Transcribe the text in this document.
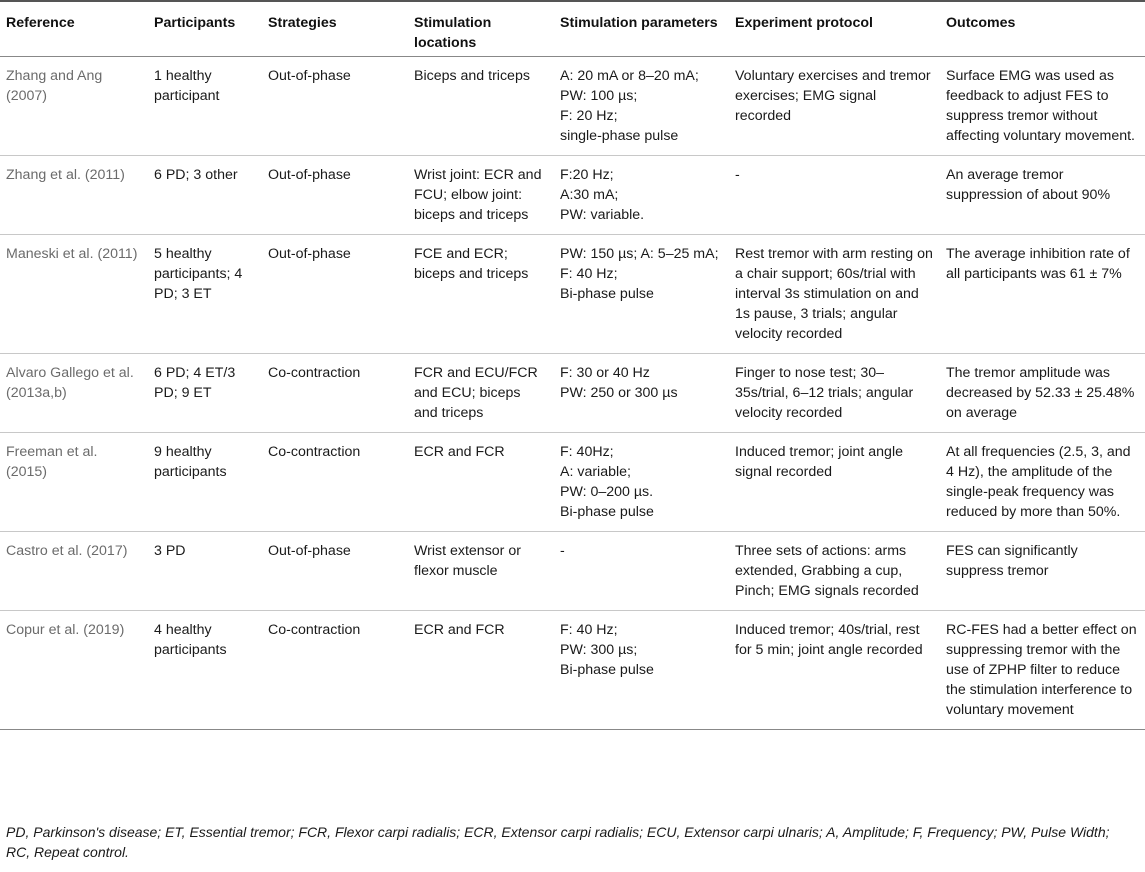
Reference	Participants	Strategies	Stimulation locations	Stimulation parameters	Experiment protocol	Outcomes
Zhang and Ang (2007)	1 healthy participant	Out-of-phase	Biceps and triceps	A: 20 mA or 8–20 mA;
PW: 100 µs;
F: 20 Hz;
single-phase pulse	Voluntary exercises and tremor exercises; EMG signal recorded	Surface EMG was used as feedback to adjust FES to suppress tremor without affecting voluntary movement.
Zhang et al. (2011)	6 PD; 3 other	Out-of-phase	Wrist joint: ECR and FCU; elbow joint: biceps and triceps	F:20 Hz;
A:30 mA;
PW: variable.	-	An average tremor suppression of about 90%
Maneski et al. (2011)	5 healthy participants; 4 PD; 3 ET	Out-of-phase	FCE and ECR; biceps and triceps	PW: 150 µs; A: 5–25 mA;
F: 40 Hz;
Bi-phase pulse	Rest tremor with arm resting on a chair support; 60s/trial with interval 3s stimulation on and 1s pause, 3 trials; angular velocity recorded	The average inhibition rate of all participants was 61 ± 7%
Alvaro Gallego et al. (2013a,b)	6 PD; 4 ET/3 PD; 9 ET	Co-contraction	FCR and ECU/FCR and ECU; biceps and triceps	F: 30 or 40 Hz
PW: 250 or 300 µs	Finger to nose test; 30–35s/trial, 6–12 trials; angular velocity recorded	The tremor amplitude was decreased by 52.33 ± 25.48% on average
Freeman et al. (2015)	9 healthy participants	Co-contraction	ECR and FCR	F: 40Hz;
A: variable;
PW: 0–200 µs.
Bi-phase pulse	Induced tremor; joint angle signal recorded	At all frequencies (2.5, 3, and 4 Hz), the amplitude of the single-peak frequency was reduced by more than 50%.
Castro et al. (2017)	3 PD	Out-of-phase	Wrist extensor or flexor muscle	-	Three sets of actions: arms extended, Grabbing a cup, Pinch; EMG signals recorded	FES can significantly suppress tremor
Copur et al. (2019)	4 healthy participants	Co-contraction	ECR and FCR	F: 40 Hz;
PW: 300 µs;
Bi-phase pulse	Induced tremor; 40s/trial, rest for 5 min; joint angle recorded	RC-FES had a better effect on suppressing tremor with the use of ZPHP filter to reduce the stimulation interference to voluntary movement
PD, Parkinson's disease; ET, Essential tremor; FCR, Flexor carpi radialis; ECR, Extensor carpi radialis; ECU, Extensor carpi ulnaris; A, Amplitude; F, Frequency; PW, Pulse Width; RC, Repeat control.
